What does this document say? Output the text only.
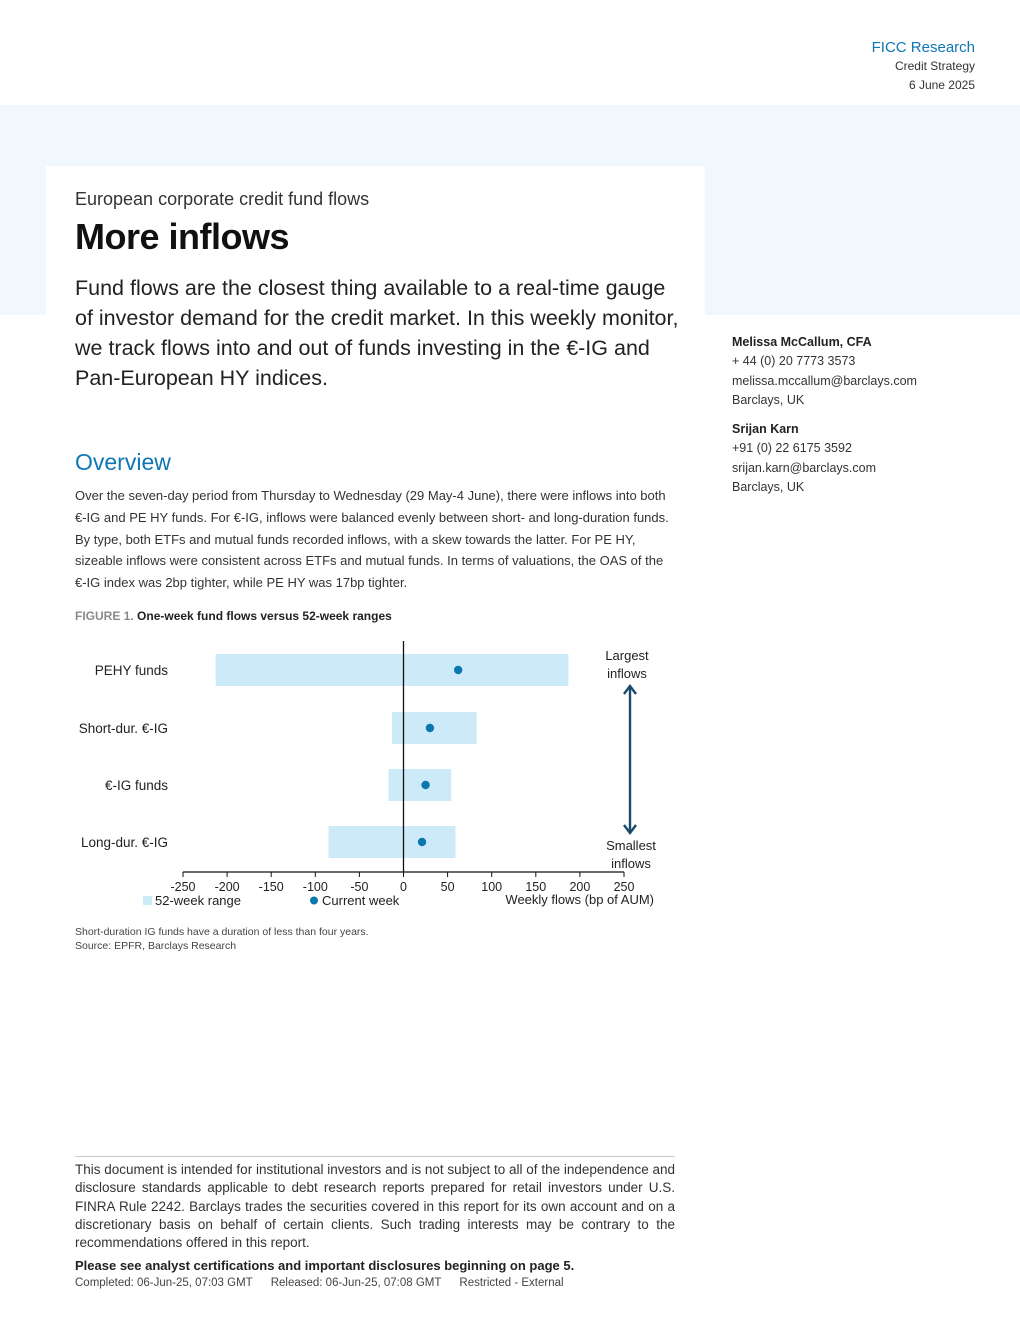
FICC Research
Credit Strategy
6 June 2025
European corporate credit fund flows
More inflows
Fund flows are the closest thing available to a real-time gauge of investor demand for the credit market. In this weekly monitor, we track flows into and out of funds investing in the €-IG and Pan-European HY indices.
Melissa McCallum, CFA
+ 44 (0) 20 7773 3573
melissa.mccallum@barclays.com
Barclays, UK
Srijan Karn
+91 (0) 22 6175 3592
srijan.karn@barclays.com
Barclays, UK
Overview
Over the seven-day period from Thursday to Wednesday (29 May-4 June), there were inflows into both €-IG and PE HY funds. For €-IG, inflows were balanced evenly between short- and long-duration funds. By type, both ETFs and mutual funds recorded inflows, with a skew towards the latter. For PE HY, sizeable inflows were consistent across ETFs and mutual funds. In terms of valuations, the OAS of the €-IG index was 2bp tighter, while PE HY was 17bp tighter.
FIGURE 1. One-week fund flows versus 52-week ranges
PEHY funds
Short-dur. €-IG
€-IG funds
Long-dur. €-IG
-250 -200 -150 -100 -50	0	50 100 150 200 250
52-week range	Current week	Weekly flows (bp of AUM)
Largest
inflows
Smallest
inflows
Short-duration IG funds have a duration of less than four years.
Source: EPFR, Barclays Research
This document is intended for institutional investors and is not subject to all of the independence and disclosure standards applicable to debt research reports prepared for retail investors under U.S. FINRA Rule 2242. Barclays trades the securities covered in this report for its own account and on a discretionary basis on behalf of certain clients. Such trading interests may be contrary to the recommendations offered in this report.
Please see analyst certifications and important disclosures beginning on page 5.
Completed: 06-Jun-25, 07:03 GMT Released: 06-Jun-25, 07:08 GMT Restricted - External
